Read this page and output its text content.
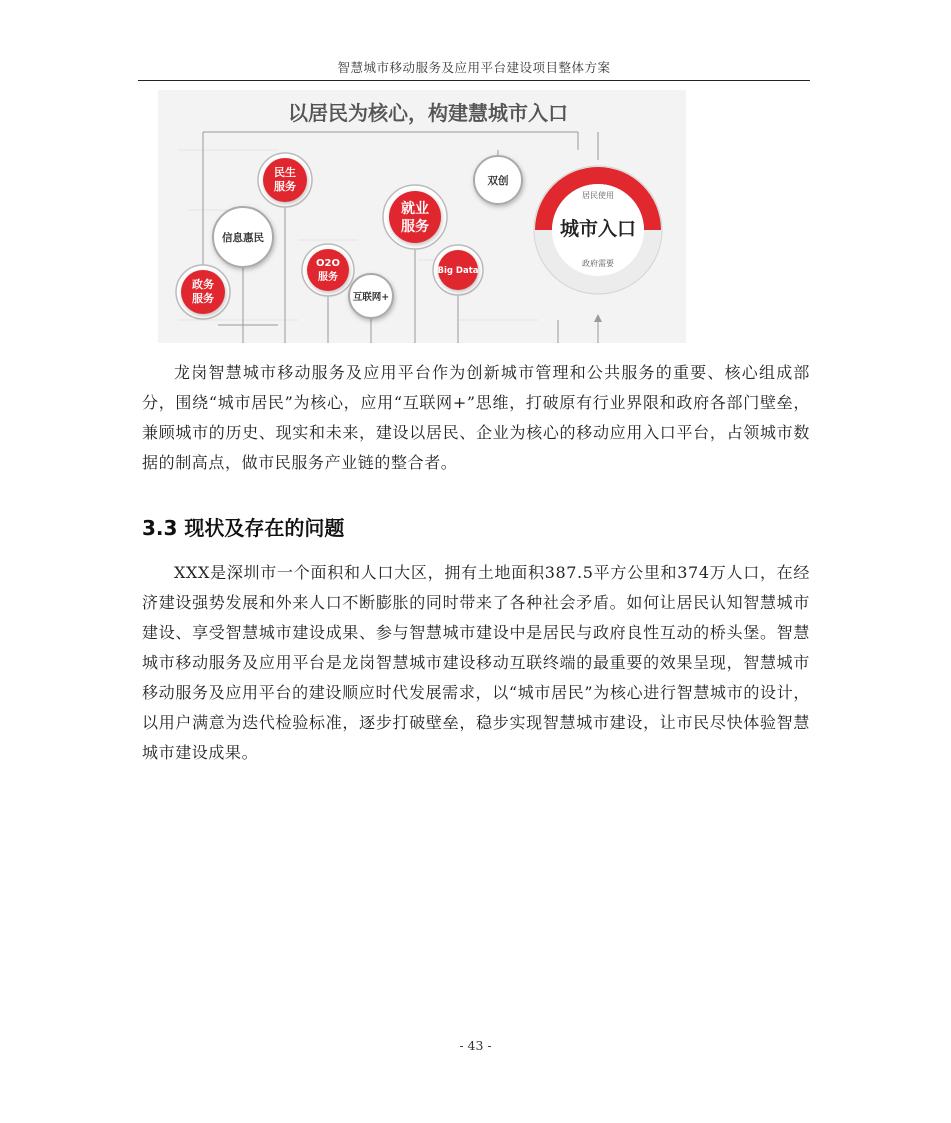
智慧城市移动服务及应用平台建设项目整体方案
以居民为核心，构建慧城市入口
民生
服务
信息惠民
就业
服务
双创
政务
服务
O2O
服务
互联网+
Big Data
居民使用
城市入口
政府需要

龙岗智慧城市移动服务及应用平台作为创新城市管理和公共服务的重要、核心组成部分，围绕“城市居民”为核心，应用“互联网+”思维，打破原有行业界限和政府各部门壁垒，兼顾城市的历史、现实和未来，建设以居民、企业为核心的移动应用入口平台，占领城市数据的制高点，做市民服务产业链的整合者。

3.3 现状及存在的问题

XXX是深圳市一个面积和人口大区，拥有土地面积387.5平方公里和374万人口，在经济建设强势发展和外来人口不断膨胀的同时带来了各种社会矛盾。如何让居民认知智慧城市建设、享受智慧城市建设成果、参与智慧城市建设中是居民与政府良性互动的桥头堡。智慧城市移动服务及应用平台是龙岗智慧城市建设移动互联终端的最重要的效果呈现，智慧城市移动服务及应用平台的建设顺应时代发展需求，以“城市居民”为核心进行智慧城市的设计，以用户满意为迭代检验标准，逐步打破壁垒，稳步实现智慧城市建设，让市民尽快体验智慧城市建设成果。

- 43 -
